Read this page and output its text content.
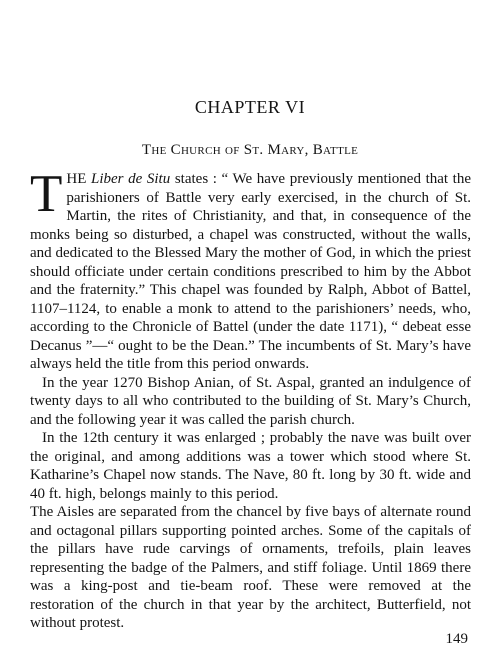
CHAPTER VI
The Church of St. Mary, Battle

THE Liber de Situ states : “ We have previously mentioned that the parishioners of Battle very early exercised, in the church of St. Martin, the rites of Christianity, and that, in consequence of the monks being so disturbed, a chapel was constructed, without the walls, and dedicated to the Blessed Mary the mother of God, in which the priest should officiate under certain conditions prescribed to him by the Abbot and the fraternity.” This chapel was founded by Ralph, Abbot of Battel, 1107–1124, to enable a monk to attend to the parishioners’ needs, who, according to the Chronicle of Battel (under the date 1171), “ debeat esse Decanus ”—“ ought to be the Dean.” The incumbents of St. Mary’s have always held the title from this period onwards.

In the year 1270 Bishop Anian, of St. Aspal, granted an indulgence of twenty days to all who contributed to the building of St. Mary’s Church, and the following year it was called the parish church.

In the 12th century it was enlarged ; probably the nave was built over the original, and among additions was a tower which stood where St. Katharine’s Chapel now stands. The Nave, 80 ft. long by 30 ft. wide and 40 ft. high, belongs mainly to this period.

The Aisles are separated from the chancel by five bays of alternate round and octagonal pillars supporting pointed arches. Some of the capitals of the pillars have rude carvings of ornaments, trefoils, plain leaves representing the badge of the Palmers, and stiff foliage. Until 1869 there was a king-post and tie-beam roof. These were removed at the restoration of the church in that year by the architect, Butterfield, not without protest.

149
